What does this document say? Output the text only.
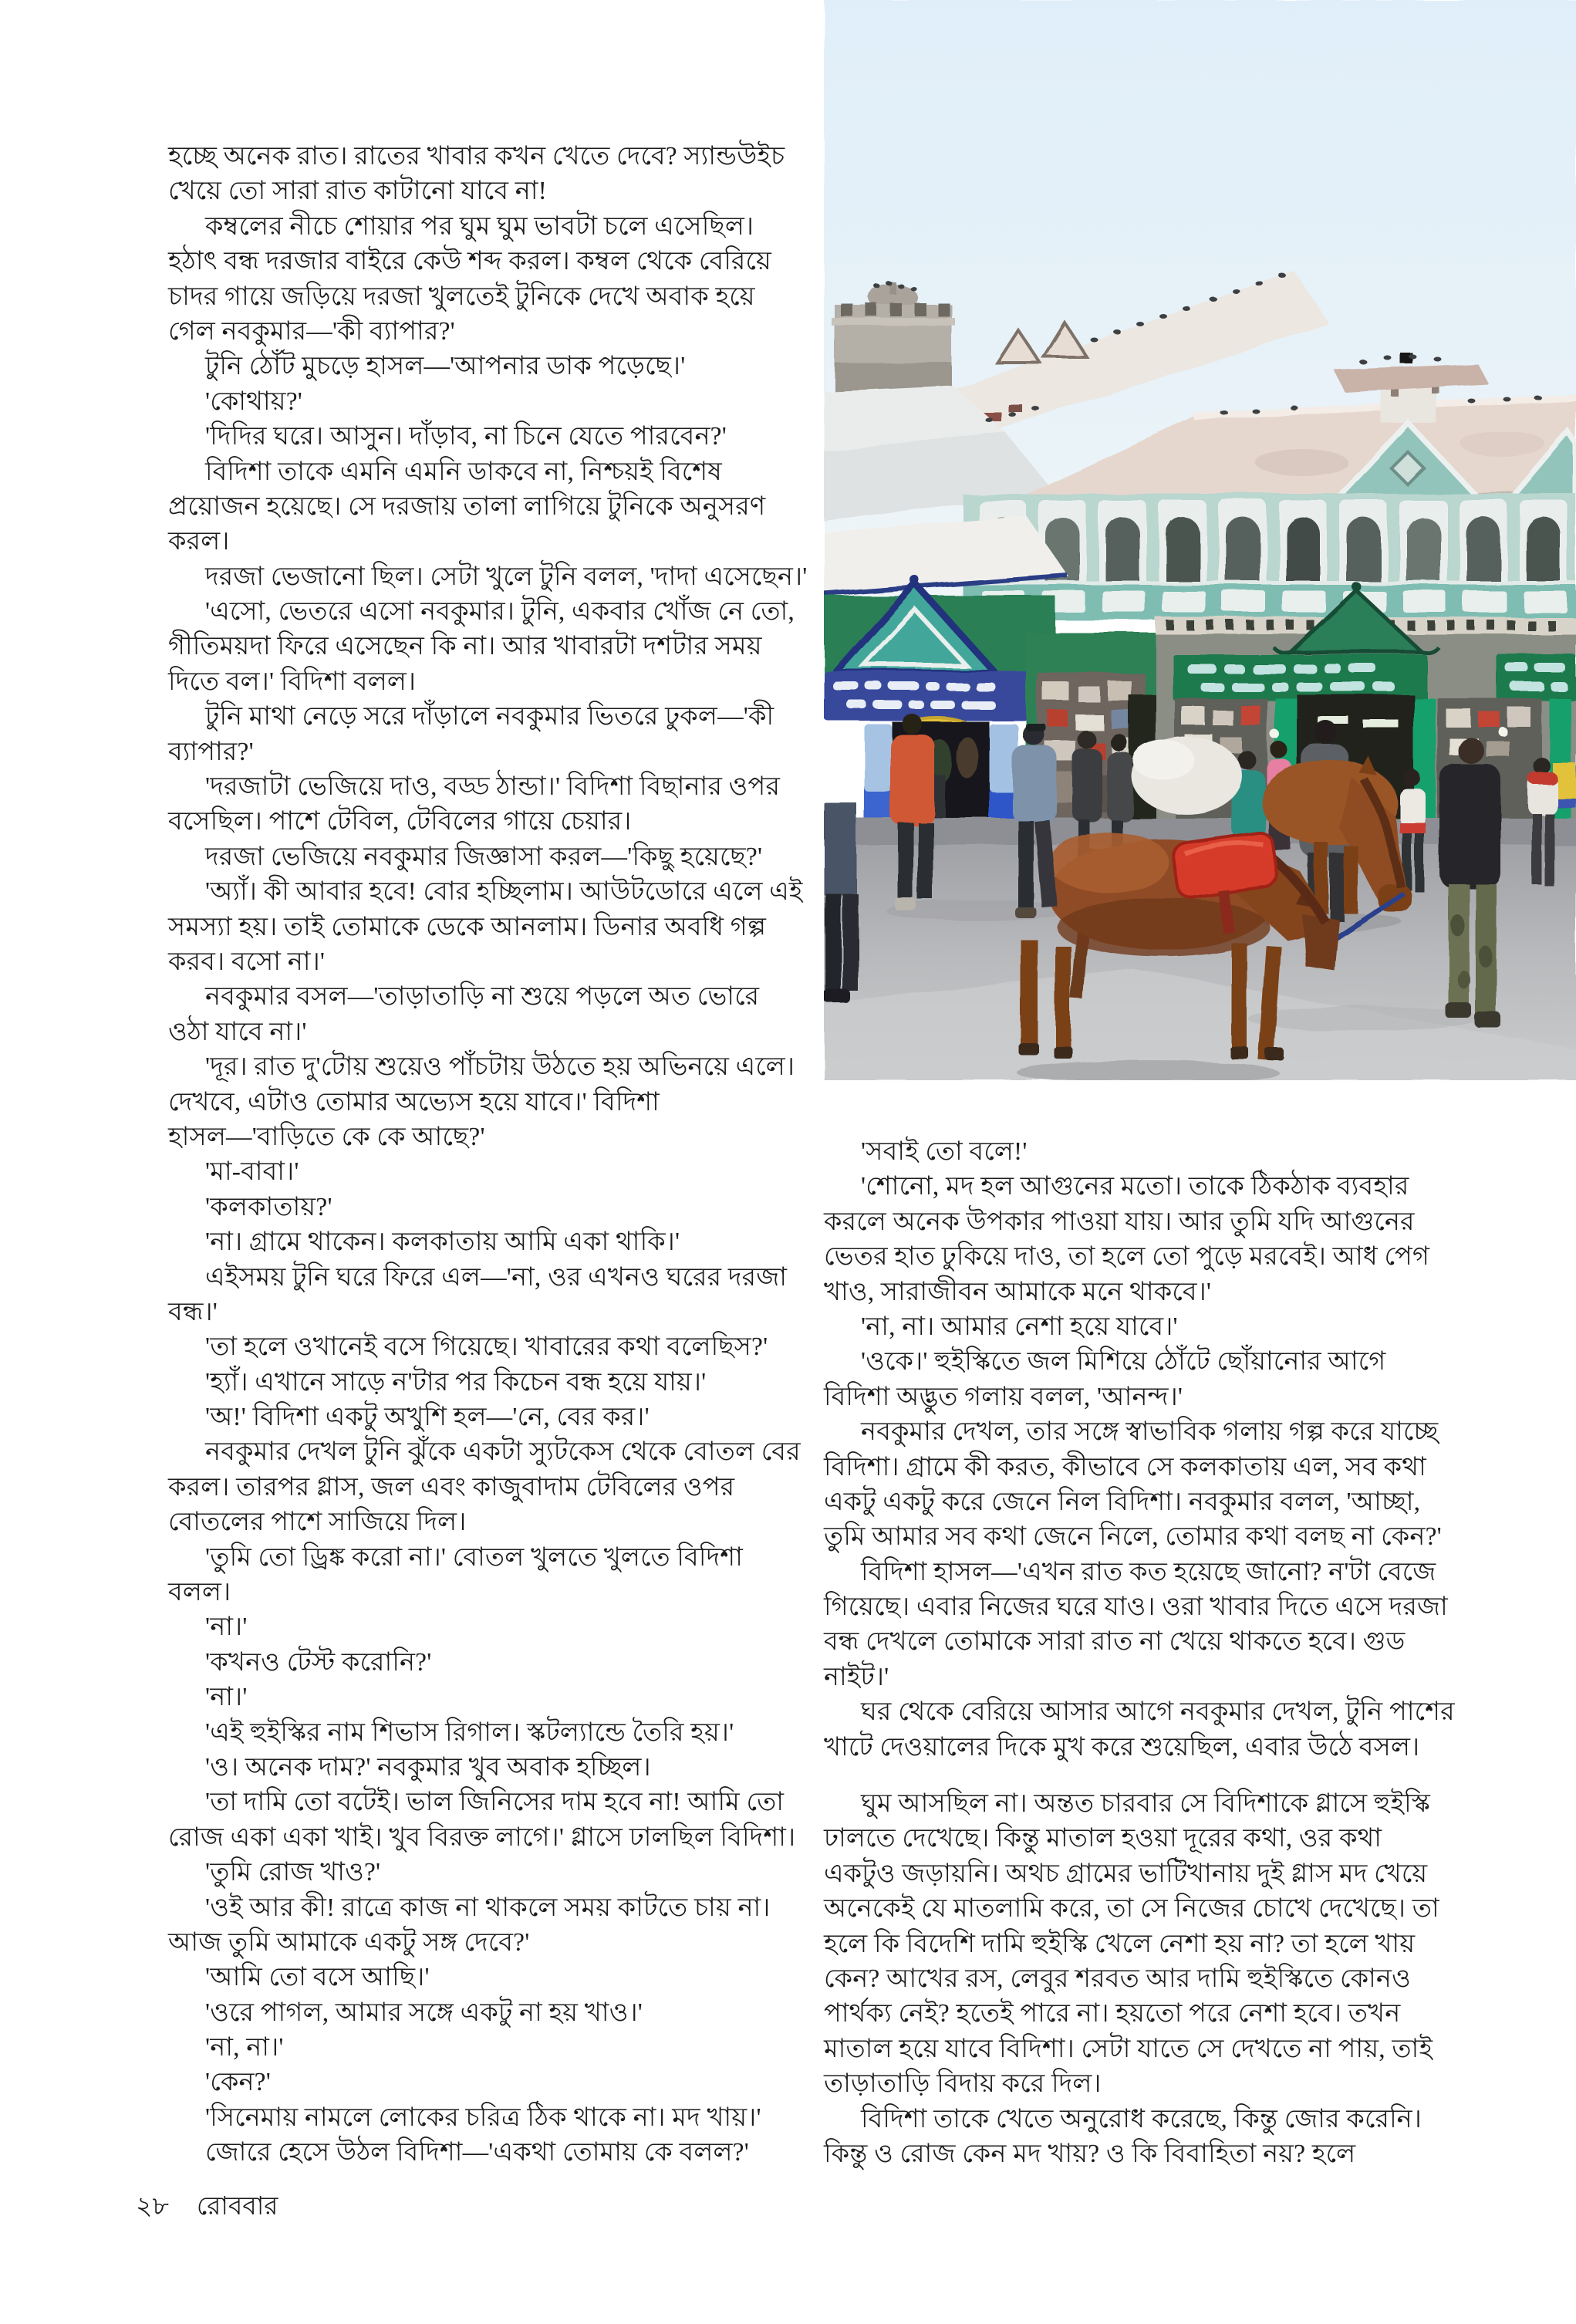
হচ্ছে অনেক রাত। রাতের খাবার কখন খেতে দেবে? স্যান্ডউইচ
খেয়ে তো সারা রাত কাটানো যাবে না!
কম্বলের নীচে শোয়ার পর ঘুম ঘুম ভাবটা চলে এসেছিল।
হঠাৎ বন্ধ দরজার বাইরে কেউ শব্দ করল। কম্বল থেকে বেরিয়ে
চাদর গায়ে জড়িয়ে দরজা খুলতেই টুনিকে দেখে অবাক হয়ে
গেল নবকুমার—'কী ব্যাপার?'
টুনি ঠোঁট মুচড়ে হাসল—'আপনার ডাক পড়েছে।'
'কোথায়?'
'দিদির ঘরে। আসুন। দাঁড়াব, না চিনে যেতে পারবেন?'
বিদিশা তাকে এমনি এমনি ডাকবে না, নিশ্চয়ই বিশেষ
প্রয়োজন হয়েছে। সে দরজায় তালা লাগিয়ে টুনিকে অনুসরণ
করল।
দরজা ভেজানো ছিল। সেটা খুলে টুনি বলল, 'দাদা এসেছেন।'
'এসো, ভেতরে এসো নবকুমার। টুনি, একবার খোঁজ নে তো,
গীতিময়দা ফিরে এসেছেন কি না। আর খাবারটা দশটার সময়
দিতে বল।' বিদিশা বলল।
টুনি মাথা নেড়ে সরে দাঁড়ালে নবকুমার ভিতরে ঢুকল—'কী
ব্যাপার?'
'দরজাটা ভেজিয়ে দাও, বড্ড ঠান্ডা।' বিদিশা বিছানার ওপর
বসেছিল। পাশে টেবিল, টেবিলের গায়ে চেয়ার।
দরজা ভেজিয়ে নবকুমার জিজ্ঞাসা করল—'কিছু হয়েছে?'
'অ্যাঁ। কী আবার হবে! বোর হচ্ছিলাম। আউটডোরে এলে এই
সমস্যা হয়। তাই তোমাকে ডেকে আনলাম। ডিনার অবধি গল্প
করব। বসো না।'
নবকুমার বসল—'তাড়াতাড়ি না শুয়ে পড়লে অত ভোরে
ওঠা যাবে না।'
'দূর। রাত দু'টোয় শুয়েও পাঁচটায় উঠতে হয় অভিনয়ে এলে।
দেখবে, এটাও তোমার অভ্যেস হয়ে যাবে।' বিদিশা
হাসল—'বাড়িতে কে কে আছে?'
'মা-বাবা।'
'কলকাতায়?'
'না। গ্রামে থাকেন। কলকাতায় আমি একা থাকি।'
এইসময় টুনি ঘরে ফিরে এল—'না, ওর এখনও ঘরের দরজা
বন্ধ।'
'তা হলে ওখানেই বসে গিয়েছে। খাবারের কথা বলেছিস?'
'হ্যাঁ। এখানে সাড়ে ন'টার পর কিচেন বন্ধ হয়ে যায়।'
'অ!' বিদিশা একটু অখুশি হল—'নে, বের কর।'
নবকুমার দেখল টুনি ঝুঁকে একটা স্যুটকেস থেকে বোতল বের
করল। তারপর গ্লাস, জল এবং কাজুবাদাম টেবিলের ওপর
বোতলের পাশে সাজিয়ে দিল।
'তুমি তো ড্রিঙ্ক করো না।' বোতল খুলতে খুলতে বিদিশা
বলল।
'না।'
'কখনও টেস্ট করোনি?'
'না।'
'এই হুইস্কির নাম শিভাস রিগাল। স্কটল্যান্ডে তৈরি হয়।'
'ও। অনেক দাম?' নবকুমার খুব অবাক হচ্ছিল।
'তা দামি তো বটেই। ভাল জিনিসের দাম হবে না! আমি তো
রোজ একা একা খাই। খুব বিরক্ত লাগে।' গ্লাসে ঢালছিল বিদিশা।
'তুমি রোজ খাও?'
'ওই আর কী! রাত্রে কাজ না থাকলে সময় কাটতে চায় না।
আজ তুমি আমাকে একটু সঙ্গ দেবে?'
'আমি তো বসে আছি।'
'ওরে পাগল, আমার সঙ্গে একটু না হয় খাও।'
'না, না।'
'কেন?'
'সিনেমায় নামলে লোকের চরিত্র ঠিক থাকে না। মদ খায়।'
জোরে হেসে উঠল বিদিশা—'একথা তোমায় কে বলল?'
'সবাই তো বলে!'
'শোনো, মদ হল আগুনের মতো। তাকে ঠিকঠাক ব্যবহার
করলে অনেক উপকার পাওয়া যায়। আর তুমি যদি আগুনের
ভেতর হাত ঢুকিয়ে দাও, তা হলে তো পুড়ে মরবেই। আধ পেগ
খাও, সারাজীবন আমাকে মনে থাকবে।'
'না, না। আমার নেশা হয়ে যাবে।'
'ওকে।' হুইস্কিতে জল মিশিয়ে ঠোঁটে ছোঁয়ানোর আগে
বিদিশা অদ্ভুত গলায় বলল, 'আনন্দ।'
নবকুমার দেখল, তার সঙ্গে স্বাভাবিক গলায় গল্প করে যাচ্ছে
বিদিশা। গ্রামে কী করত, কীভাবে সে কলকাতায় এল, সব কথা
একটু একটু করে জেনে নিল বিদিশা। নবকুমার বলল, 'আচ্ছা,
তুমি আমার সব কথা জেনে নিলে, তোমার কথা বলছ না কেন?'
বিদিশা হাসল—'এখন রাত কত হয়েছে জানো? ন'টা বেজে
গিয়েছে। এবার নিজের ঘরে যাও। ওরা খাবার দিতে এসে দরজা
বন্ধ দেখলে তোমাকে সারা রাত না খেয়ে থাকতে হবে। গুড
নাইট।'
ঘর থেকে বেরিয়ে আসার আগে নবকুমার দেখল, টুনি পাশের
খাটে দেওয়ালের দিকে মুখ করে শুয়েছিল, এবার উঠে বসল।
ঘুম আসছিল না। অন্তত চারবার সে বিদিশাকে গ্লাসে হুইস্কি
ঢালতে দেখেছে। কিন্তু মাতাল হওয়া দূরের কথা, ওর কথা
একটুও জড়ায়নি। অথচ গ্রামের ভাটিখানায় দুই গ্লাস মদ খেয়ে
অনেকেই যে মাতলামি করে, তা সে নিজের চোখে দেখেছে। তা
হলে কি বিদেশি দামি হুইস্কি খেলে নেশা হয় না? তা হলে খায়
কেন? আখের রস, লেবুর শরবত আর দামি হুইস্কিতে কোনও
পার্থক্য নেই? হতেই পারে না। হয়তো পরে নেশা হবে। তখন
মাতাল হয়ে যাবে বিদিশা। সেটা যাতে সে দেখতে না পায়, তাই
তাড়াতাড়ি বিদায় করে দিল।
বিদিশা তাকে খেতে অনুরোধ করেছে, কিন্তু জোর করেনি।
কিন্তু ও রোজ কেন মদ খায়? ও কি বিবাহিতা নয়? হলে
২৮ রোববার
